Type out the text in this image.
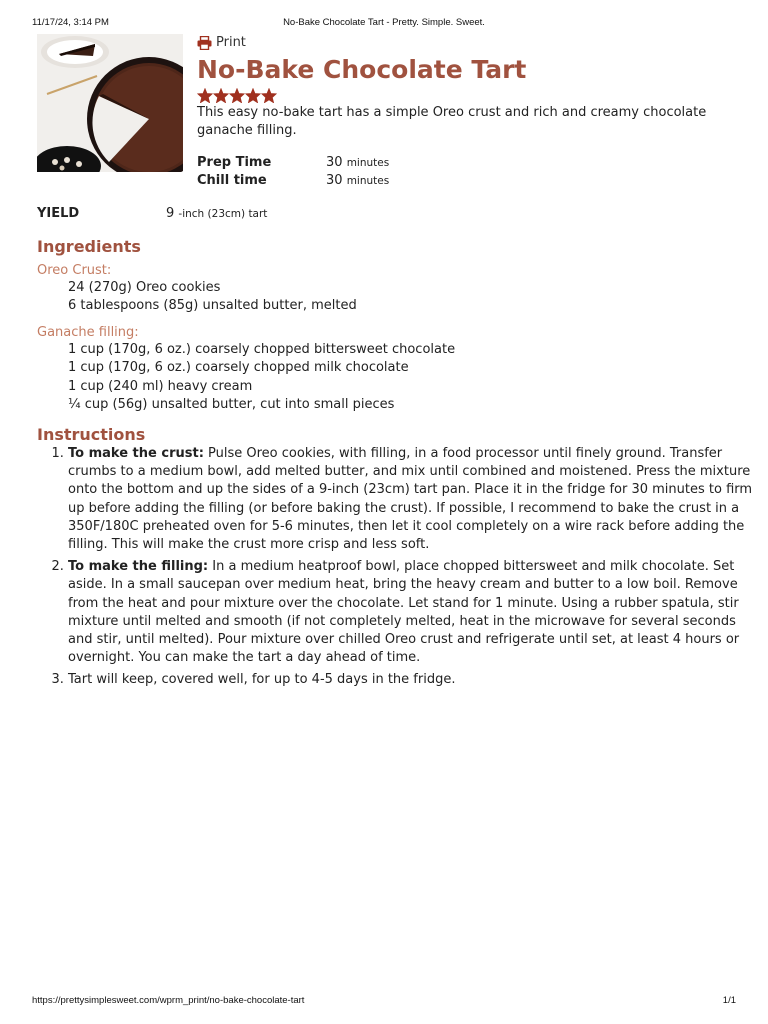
11/17/24, 3:14 PM	No-Bake Chocolate Tart - Pretty. Simple. Sweet.
Print
No-Bake Chocolate Tart

This easy no-bake tart has a simple Oreo crust and rich and creamy chocolate ganache filling.

Prep Time	30 minutes
Chill time	30 minutes
YIELD	9 -inch (23cm) tart
Ingredients
Oreo Crust:
24 (270g) Oreo cookies
6 tablespoons (85g) unsalted butter, melted
Ganache filling:
1 cup (170g, 6 oz.) coarsely chopped bittersweet chocolate
1 cup (170g, 6 oz.) coarsely chopped milk chocolate
1 cup (240 ml) heavy cream
¼ cup (56g) unsalted butter, cut into small pieces
Instructions
1. To make the crust: Pulse Oreo cookies, with filling, in a food processor until finely ground. Transfer crumbs to a medium bowl, add melted butter, and mix until combined and moistened. Press the mixture onto the bottom and up the sides of a 9-inch (23cm) tart pan. Place it in the fridge for 30 minutes to firm up before adding the filling (or before baking the crust). If possible, I recommend to bake the crust in a 350F/180C preheated oven for 5-6 minutes, then let it cool completely on a wire rack before adding the filling. This will make the crust more crisp and less soft.
2. To make the filling: In a medium heatproof bowl, place chopped bittersweet and milk chocolate. Set aside. In a small saucepan over medium heat, bring the heavy cream and butter to a low boil. Remove from the heat and pour mixture over the chocolate. Let stand for 1 minute. Using a rubber spatula, stir mixture until melted and smooth (if not completely melted, heat in the microwave for several seconds and stir, until melted). Pour mixture over chilled Oreo crust and refrigerate until set, at least 4 hours or overnight. You can make the tart a day ahead of time.
3. Tart will keep, covered well, for up to 4-5 days in the fridge.
https://prettysimplesweet.com/wprm_print/no-bake-chocolate-tart	1/1
